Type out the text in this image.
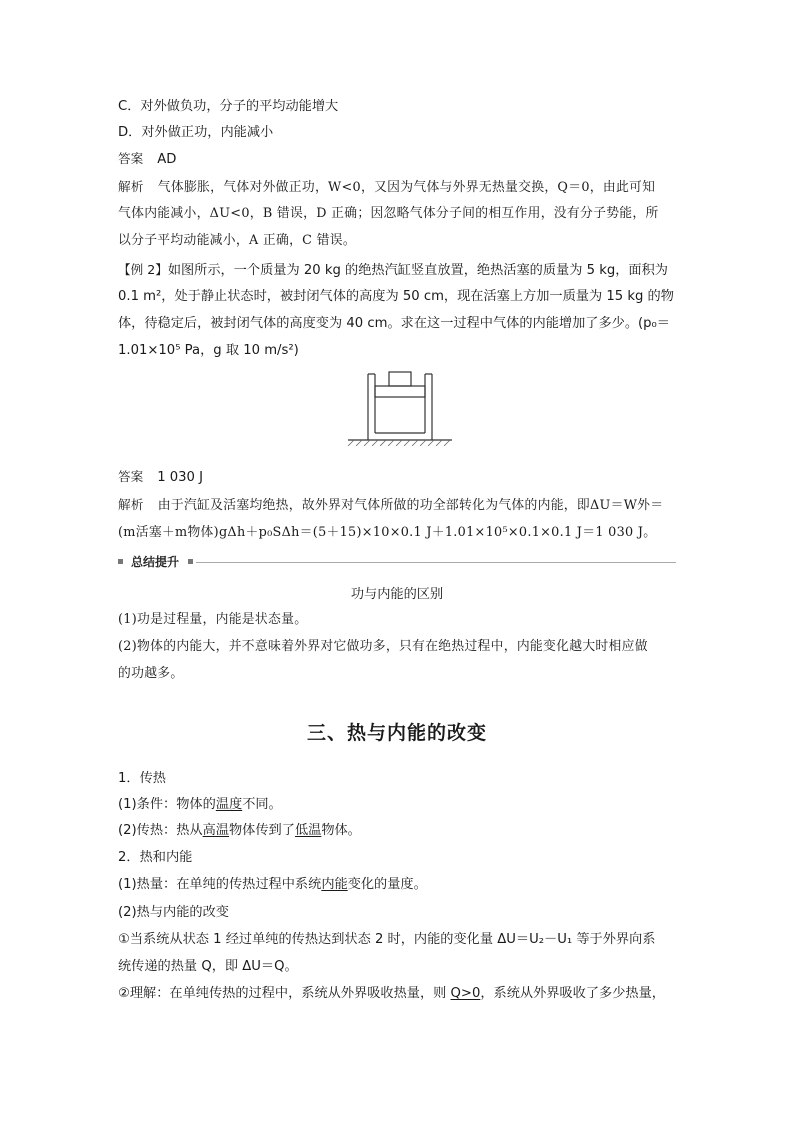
C．对外做负功，分子的平均动能增大
D．对外做正功，内能减小
答案 AD
解析 气体膨胀，气体对外做正功，W<0，又因为气体与外界无热量交换，Q＝0，由此可知
气体内能减小，ΔU<0，B 错误，D 正确；因忽略气体分子间的相互作用，没有分子势能，所
以分子平均动能减小，A 正确，C 错误。
【例 2】如图所示，一个质量为 20 kg 的绝热汽缸竖直放置，绝热活塞的质量为 5 kg，面积为
0.1 m²，处于静止状态时，被封闭气体的高度为 50 cm，现在活塞上方加一质量为 15 kg 的物
体，待稳定后，被封闭气体的高度变为 40 cm。求在这一过程中气体的内能增加了多少。(p₀＝
1.01×10⁵ Pa，g 取 10 m/s²)
答案 1 030 J
解析 由于汽缸及活塞均绝热，故外界对气体所做的功全部转化为气体的内能，即ΔU＝W外＝
(m活塞＋m物体)gΔh＋p₀SΔh＝(5＋15)×10×0.1 J＋1.01×10⁵×0.1×0.1 J＝1 030 J。
总结提升
功与内能的区别
(1)功是过程量，内能是状态量。
(2)物体的内能大，并不意味着外界对它做功多，只有在绝热过程中，内能变化越大时相应做
的功越多。
三、热与内能的改变
1．传热
(1)条件：物体的温度不同。
(2)传热：热从高温物体传到了低温物体。
2．热和内能
(1)热量：在单纯的传热过程中系统内能变化的量度。
(2)热与内能的改变
①当系统从状态 1 经过单纯的传热达到状态 2 时，内能的变化量 ΔU＝U₂－U₁ 等于外界向系
统传递的热量 Q，即 ΔU＝Q。
②理解：在单纯传热的过程中，系统从外界吸收热量，则 Q>0，系统从外界吸收了多少热量，
